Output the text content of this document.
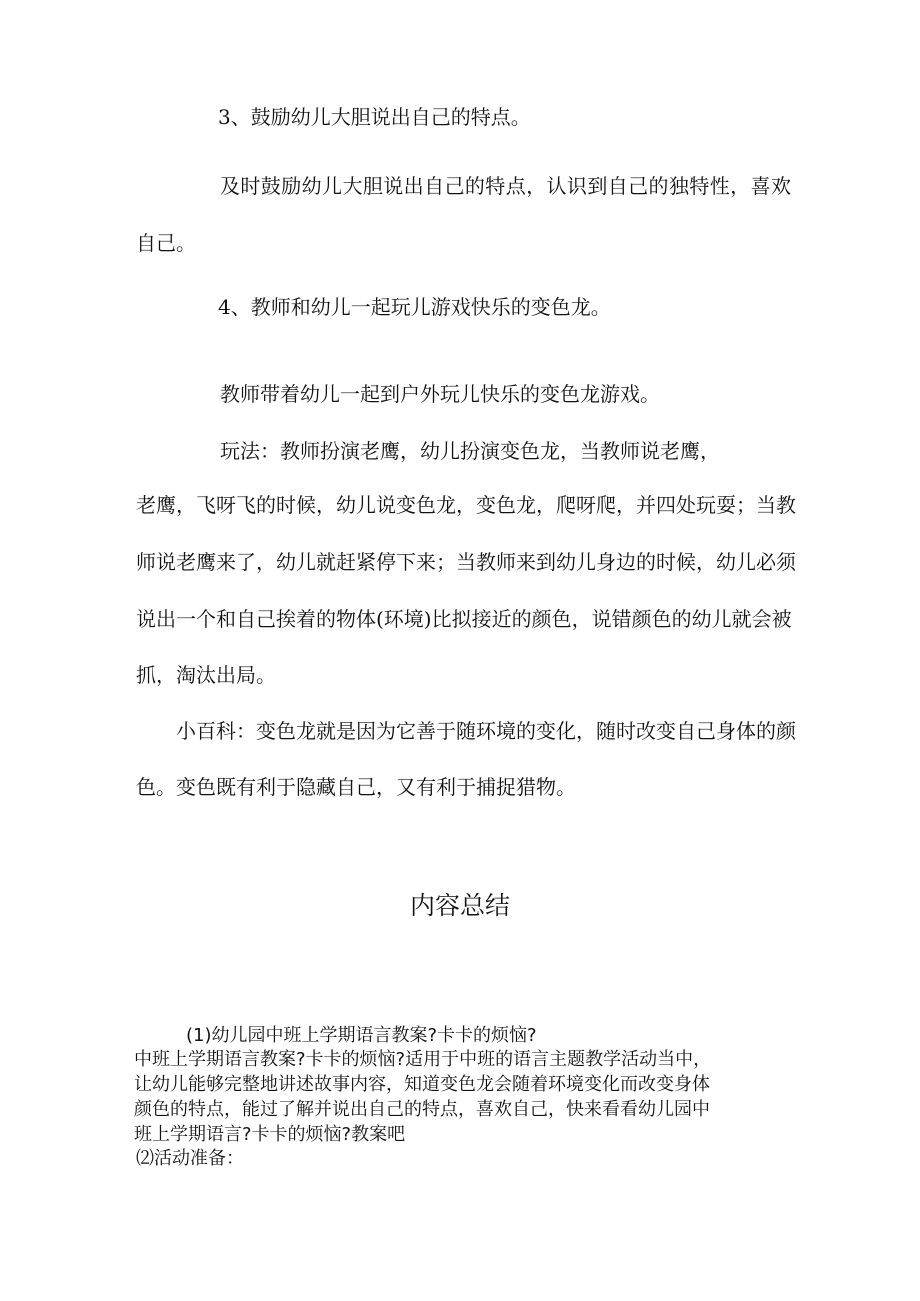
3、鼓励幼儿大胆说出自己的特点。
及时鼓励幼儿大胆说出自己的特点，认识到自己的独特性，喜欢
自己。
4、教师和幼儿一起玩儿游戏快乐的变色龙。
教师带着幼儿一起到户外玩儿快乐的变色龙游戏。
玩法：教师扮演老鹰，幼儿扮演变色龙，当教师说老鹰，
老鹰，飞呀飞的时候，幼儿说变色龙，变色龙，爬呀爬，并四处玩耍；当教
师说老鹰来了，幼儿就赶紧停下来；当教师来到幼儿身边的时候，幼儿必须
说出一个和自己挨着的物体(环境)比拟接近的颜色，说错颜色的幼儿就会被
抓，淘汰出局。
小百科：变色龙就是因为它善于随环境的变化，随时改变自己身体的颜
色。变色既有利于隐藏自己，又有利于捕捉猎物。
内容总结
(1)幼儿园中班上学期语言教案?卡卡的烦恼?
中班上学期语言教案?卡卡的烦恼?适用于中班的语言主题教学活动当中，
让幼儿能够完整地讲述故事内容，知道变色龙会随着环境变化而改变身体
颜色的特点，能过了解并说出自己的特点，喜欢自己，快来看看幼儿园中
班上学期语言?卡卡的烦恼?教案吧
⑵活动准备：
